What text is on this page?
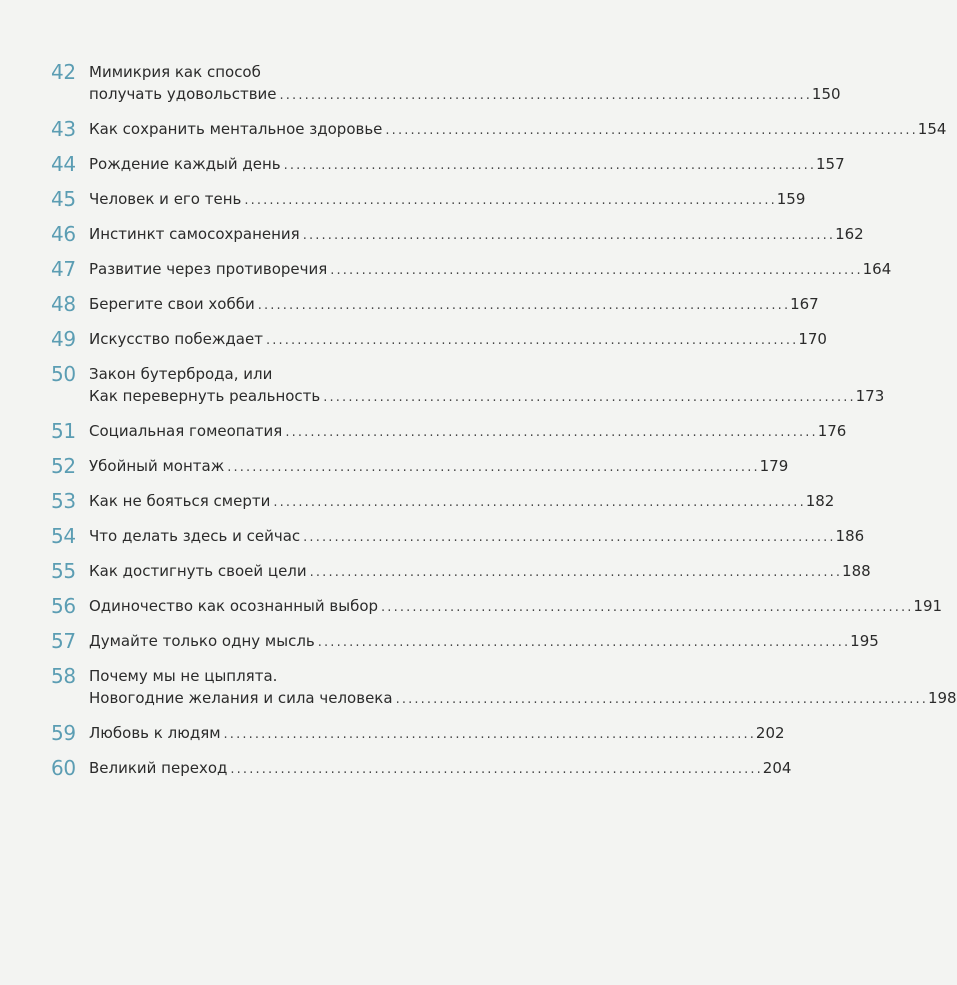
42 Мимикрия как способ
получать удовольствие . . .	150
43 Как сохранить ментальное здоровье . . .	154
44 Рождение каждый день . . .	157
45 Человек и его тень . . .	159
46 Инстинкт самосохранения . . .	162
47 Развитие через противоречия . . .	164
48 Берегите свои хобби . . .	167
49 Искусство побеждает . . .	170
50 Закон бутерброда, или
Как перевернуть реальность . . .	173
51 Социальная гомеопатия . . .	176
52 Убойный монтаж . . .	179
53 Как не бояться смерти . . .	182
54 Что делать здесь и сейчас . . .	186
55 Как достигнуть своей цели . . .	188
56 Одиночество как осознанный выбор . . .	191
57 Думайте только одну мысль . . .	195
58 Почему мы не цыплята.
Новогодние желания и сила человека . . .	198
59 Любовь к людям . . .	202
60 Великий переход . . .	204
